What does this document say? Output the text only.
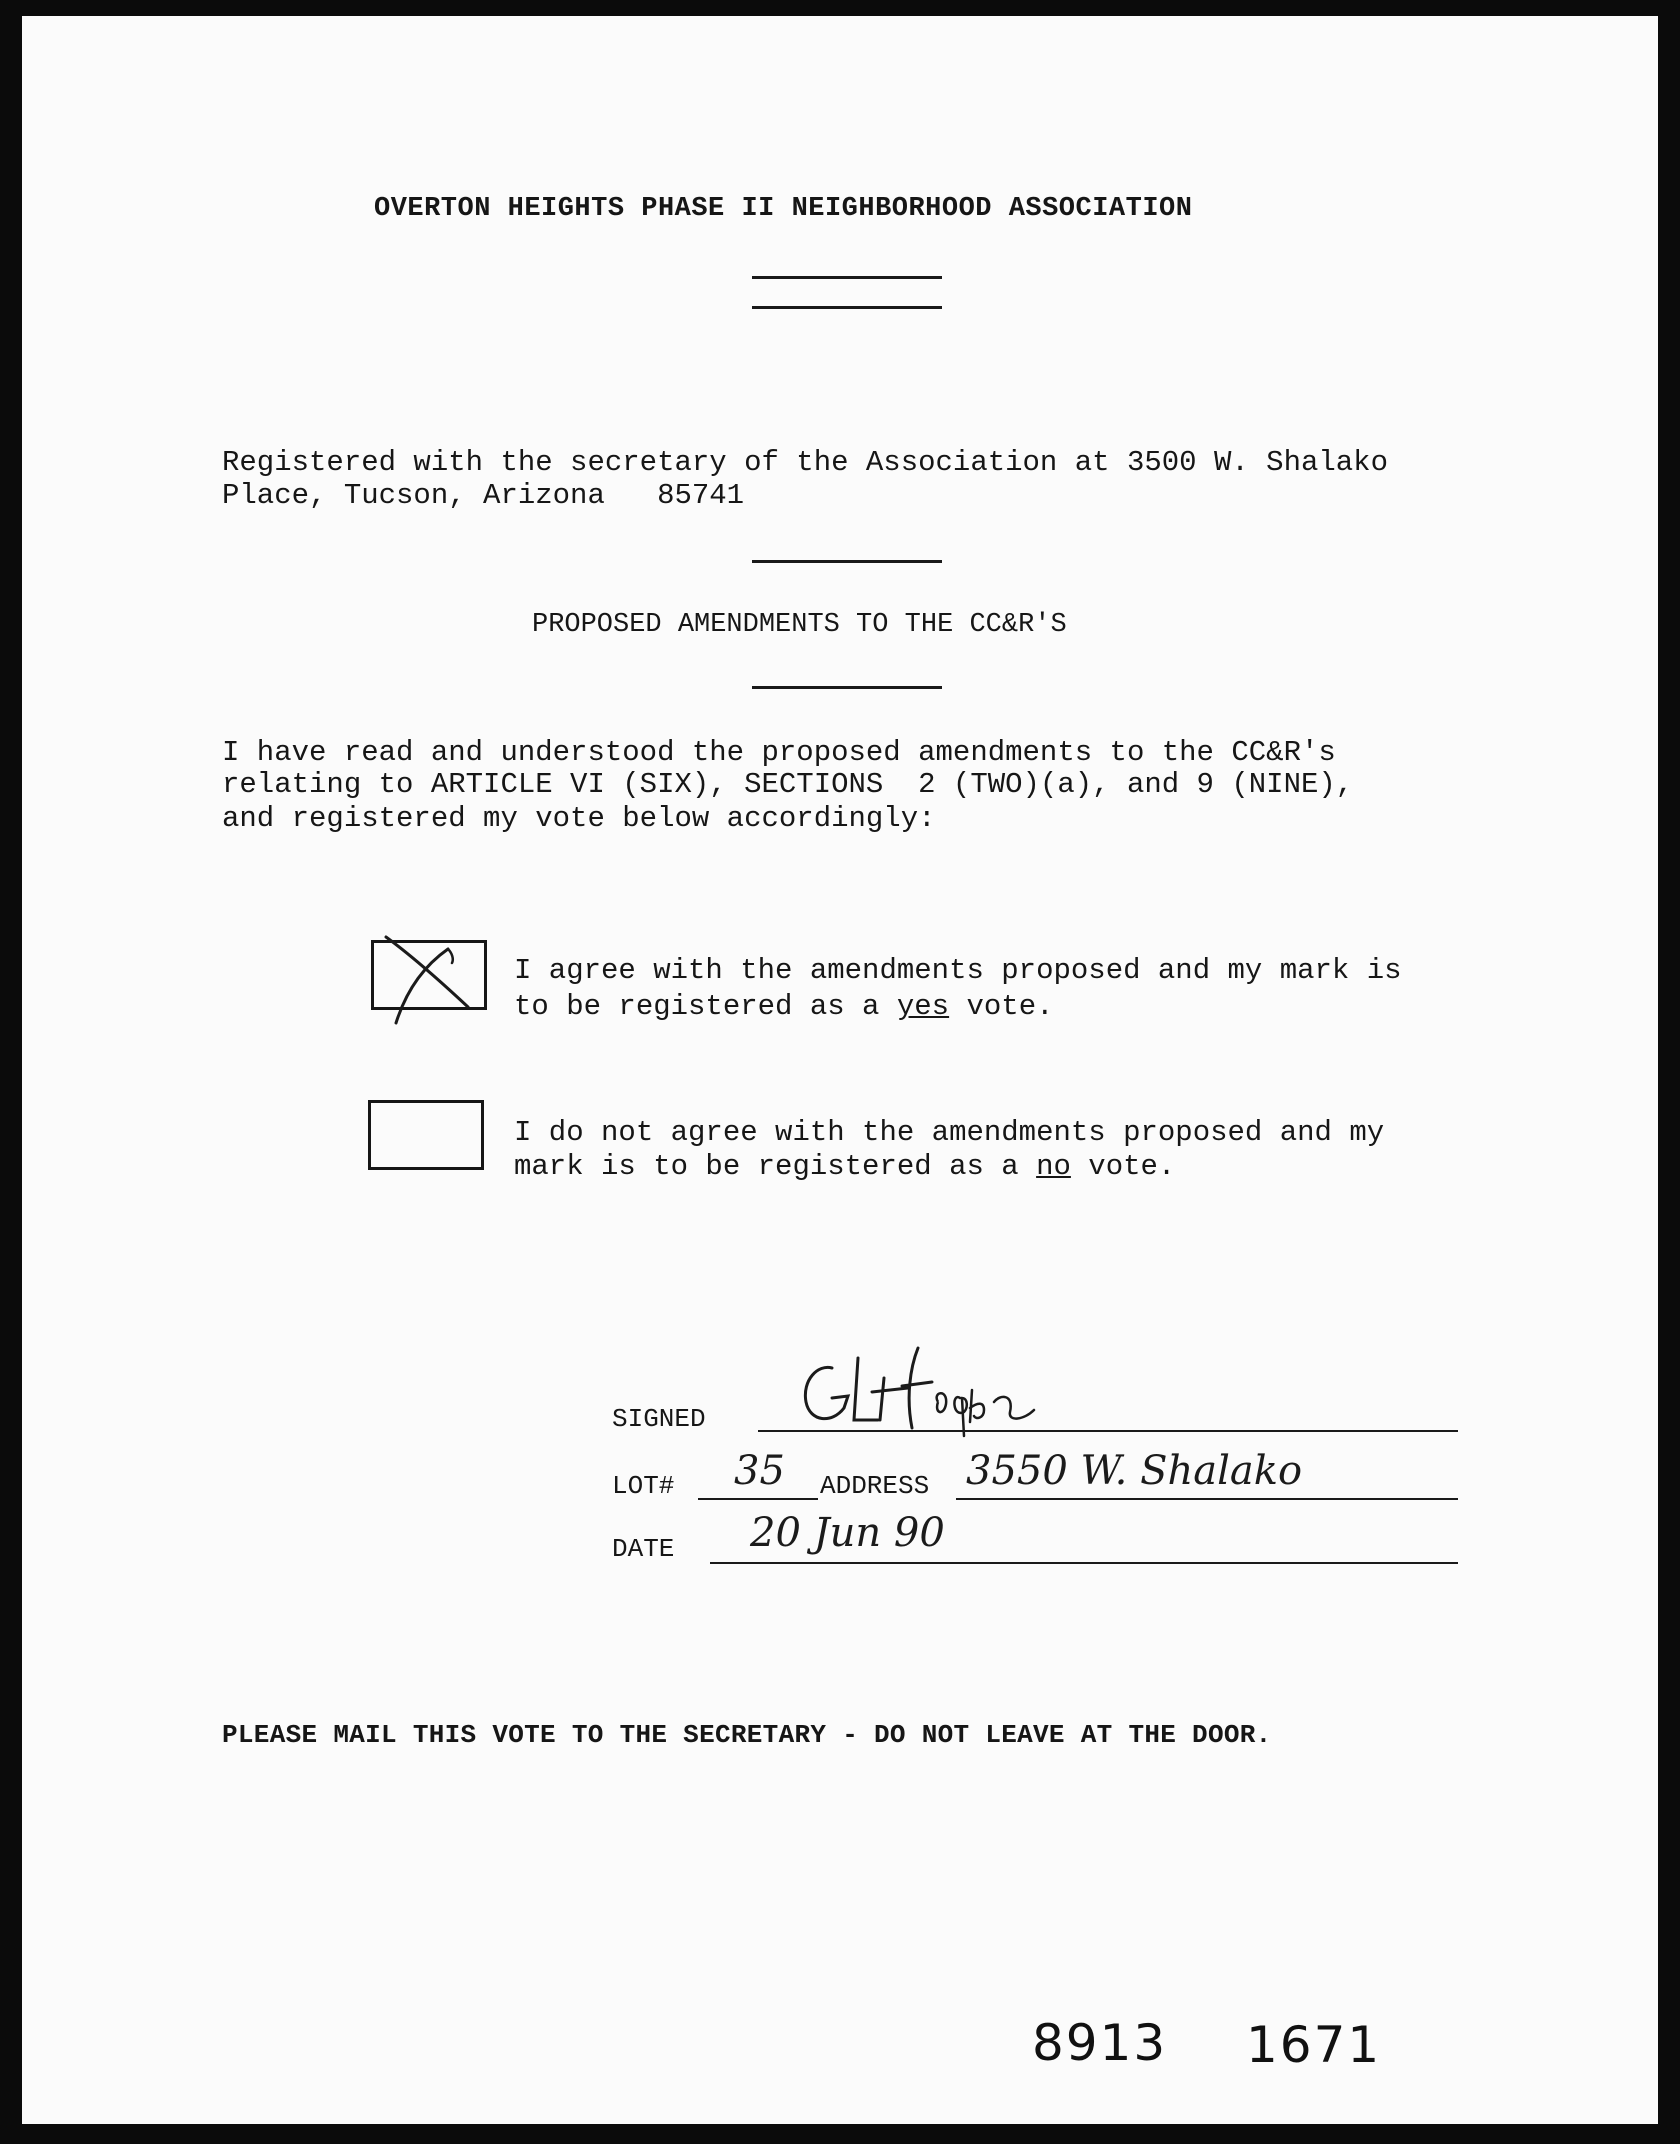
OVERTON HEIGHTS PHASE II NEIGHBORHOOD ASSOCIATION
Registered with the secretary of the Association at 3500 W. Shalako
Place, Tucson, Arizona   85741
PROPOSED AMENDMENTS TO THE CC&R'S
I have read and understood the proposed amendments to the CC&R's
relating to ARTICLE VI (SIX), SECTIONS  2 (TWO)(a), and 9 (NINE),
and registered my vote below accordingly:
I agree with the amendments proposed and my mark is
to be registered as a yes vote.
I do not agree with the amendments proposed and my
mark is to be registered as a no vote.
SIGNED
LOT# 35 ADDRESS 3550 W. Shalako
DATE 20 Jun 90
PLEASE MAIL THIS VOTE TO THE SECRETARY - DO NOT LEAVE AT THE DOOR.
8913 1671
